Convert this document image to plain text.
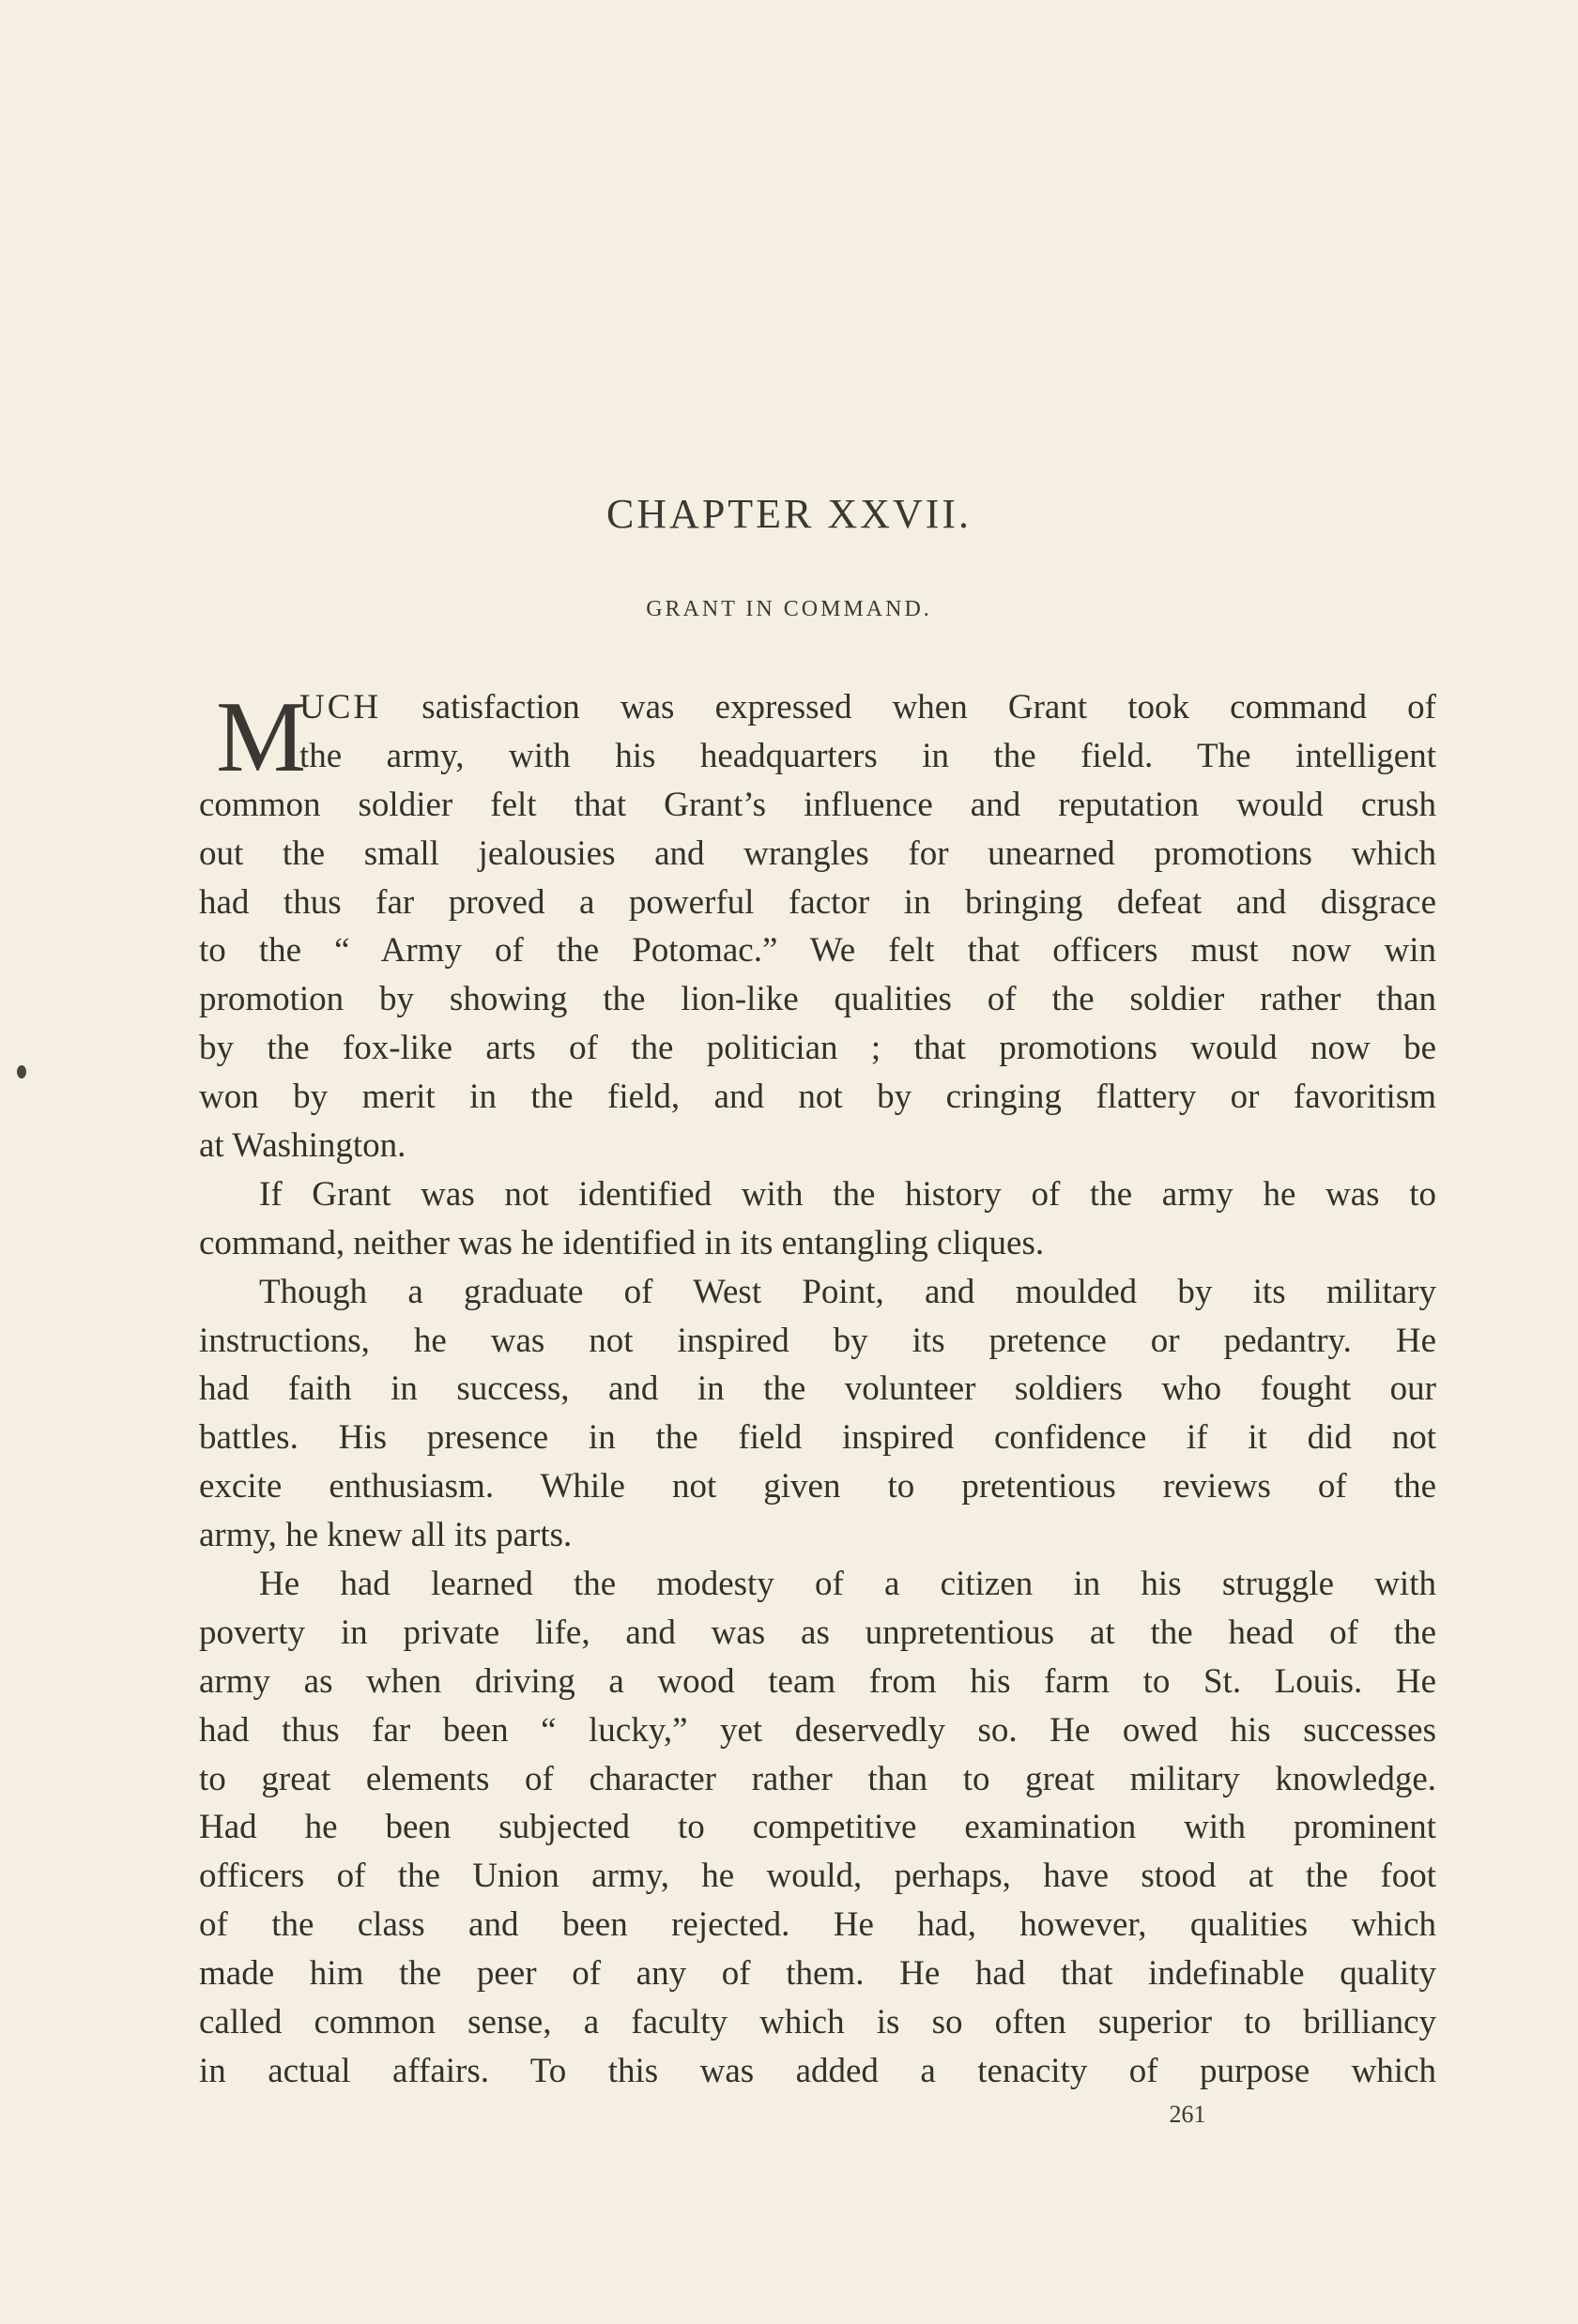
CHAPTER XXVII.
GRANT IN COMMAND.
M
UCH satisfaction was expressed when Grant took command of
the army, with his headquarters in the field. The intelligent
common soldier felt that Grant’s influence and reputation would crush
out the small jealousies and wrangles for unearned promotions which
had thus far proved a powerful factor in bringing defeat and disgrace
to the “ Army of the Potomac.” We felt that officers must now win
promotion by showing the lion-like qualities of the soldier rather than
by the fox-like arts of the politician ; that promotions would now be
won by merit in the field, and not by cringing flattery or favoritism
at Washington.
If Grant was not identified with the history of the army he was to
command, neither was he identified in its entangling cliques.
Though a graduate of West Point, and moulded by its military
instructions, he was not inspired by its pretence or pedantry. He
had faith in success, and in the volunteer soldiers who fought our
battles. His presence in the field inspired confidence if it did not
excite enthusiasm. While not given to pretentious reviews of the
army, he knew all its parts.
He had learned the modesty of a citizen in his struggle with
poverty in private life, and was as unpretentious at the head of the
army as when driving a wood team from his farm to St. Louis. He
had thus far been “ lucky,” yet deservedly so. He owed his successes
to great elements of character rather than to great military knowledge.
Had he been subjected to competitive examination with prominent
officers of the Union army, he would, perhaps, have stood at the foot
of the class and been rejected. He had, however, qualities which
made him the peer of any of them. He had that indefinable quality
called common sense, a faculty which is so often superior to brilliancy
in actual affairs. To this was added a tenacity of purpose which

261
